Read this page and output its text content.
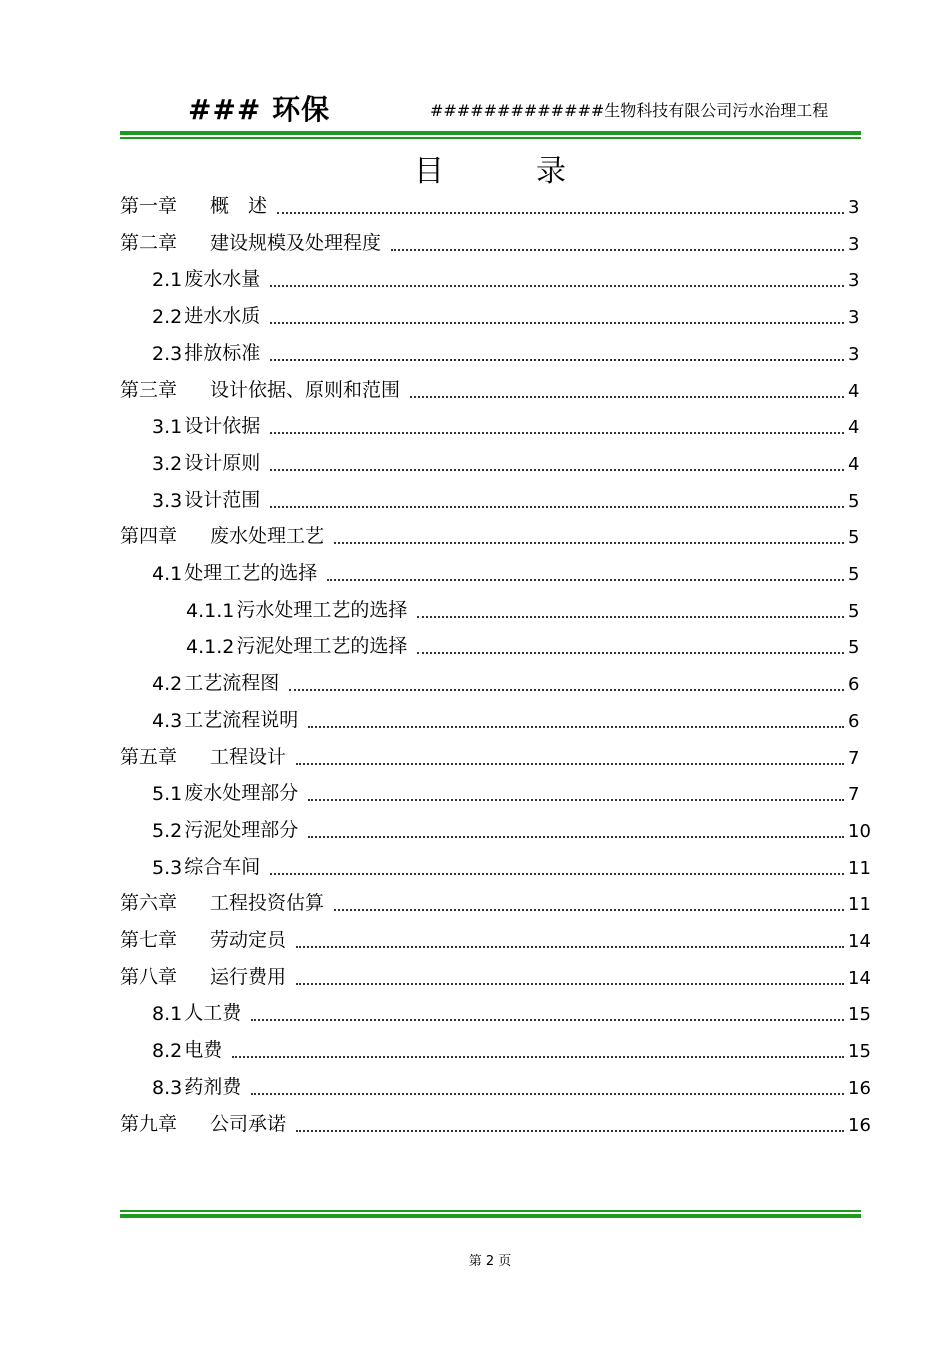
### 环保	#############生物科技有限公司污水治理工程
目	录
第一章	概　述	3
第二章	建设规模及处理程度	3
2.1 废水水量	3
2.2 进水水质	3
2.3 排放标准	3
第三章	设计依据、原则和范围	4
3.1 设计依据	4
3.2 设计原则	4
3.3 设计范围	5
第四章	废水处理工艺	5
4.1 处理工艺的选择	5
4.1.1 污水处理工艺的选择	5
4.1.2 污泥处理工艺的选择	5
4.2 工艺流程图	6
4.3 工艺流程说明	6
第五章	工程设计	7
5.1 废水处理部分	7
5.2 污泥处理部分	10
5.3 综合车间	11
第六章	工程投资估算	11
第七章	劳动定员	14
第八章	运行费用	14
8.1 人工费	15
8.2 电费	15
8.3 药剂费	16
第九章	公司承诺	16
第 2 页
